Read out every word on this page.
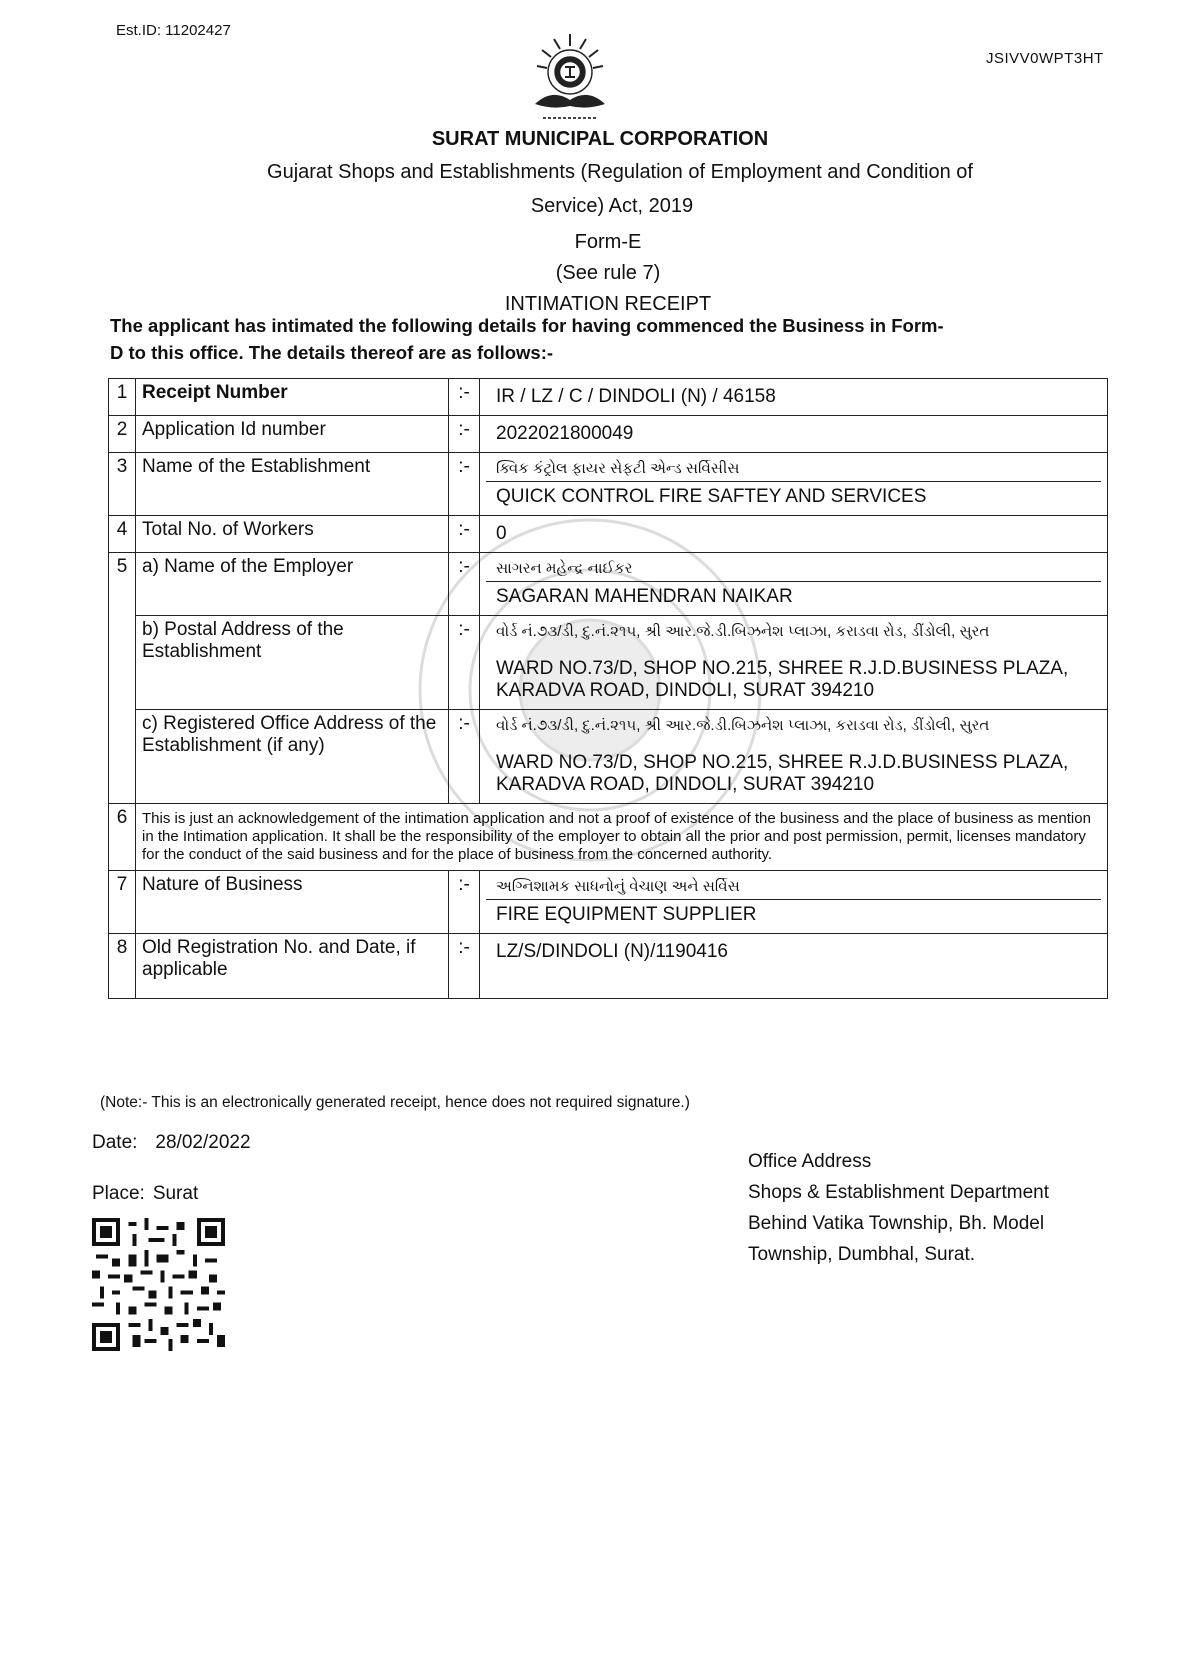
Est.ID: 11202427
JSIVV0WPT3HT
SURAT MUNICIPAL CORPORATION
Gujarat Shops and Establishments (Regulation of Employment and Condition of
Service) Act, 2019
Form-E
(See rule 7)
INTIMATION RECEIPT
The applicant has intimated the following details for having commenced the Business in Form-D to this office. The details thereof are as follows:-
1	Receipt Number	:-	IR / LZ / C / DINDOLI (N) / 46158

2	Application Id number	:-	2022021800049

3	Name of the Establishment	:-	ક્વિક કંટ્રોલ ફાયર સેફટી એન્ડ સર્વિસીસ
QUICK CONTROL FIRE SAFTEY AND SERVICES

4	Total No. of Workers	:-	0

5	a) Name of the Employer	:-	સાગરન મહેન્દ્ર નાઈકર
SAGARAN MAHENDRAN NAIKAR

	b) Postal Address of the Establishment	:-	વોર્ડ નં.૭૩/ડી, દુ.નં.૨૧૫, શ્રી આર.જે.ડી.બિઝનેશ પ્લાઝા, કરાડવા રોડ, ડીંડોલી, સુરત
WARD NO.73/D, SHOP NO.215, SHREE R.J.D.BUSINESS PLAZA, KARADVA ROAD, DINDOLI, SURAT 394210

	c) Registered Office Address of the Establishment (if any)	:-	વોર્ડ નં.૭૩/ડી, દુ.નં.૨૧૫, શ્રી આર.જે.ડી.બિઝનેશ પ્લાઝા, કરાડવા રોડ, ડીંડોલી, સુરત
WARD NO.73/D, SHOP NO.215, SHREE R.J.D.BUSINESS PLAZA, KARADVA ROAD, DINDOLI, SURAT 394210

6	This is just an acknowledgement of the intimation application and not a proof of existence of the business and the place of business as mention in the Intimation application. It shall be the responsibility of the employer to obtain all the prior and post permission, permit, licenses mandatory for the conduct of the said business and for the place of business from the concerned authority.		
7	Nature of Business	:-	અગ્નિશામક સાધનોનું વેચાણ અને સર્વિસ
FIRE EQUIPMENT SUPPLIER

8	Old Registration No. and Date, if applicable	:-	LZ/S/DINDOLI (N)/1190416
(Note:- This is an electronically generated receipt, hence does not required signature.)
Date: 28/02/2022
Place: Surat
Office Address
Shops & Establishment Department
Behind Vatika Township, Bh. Model
Township, Dumbhal, Surat.
